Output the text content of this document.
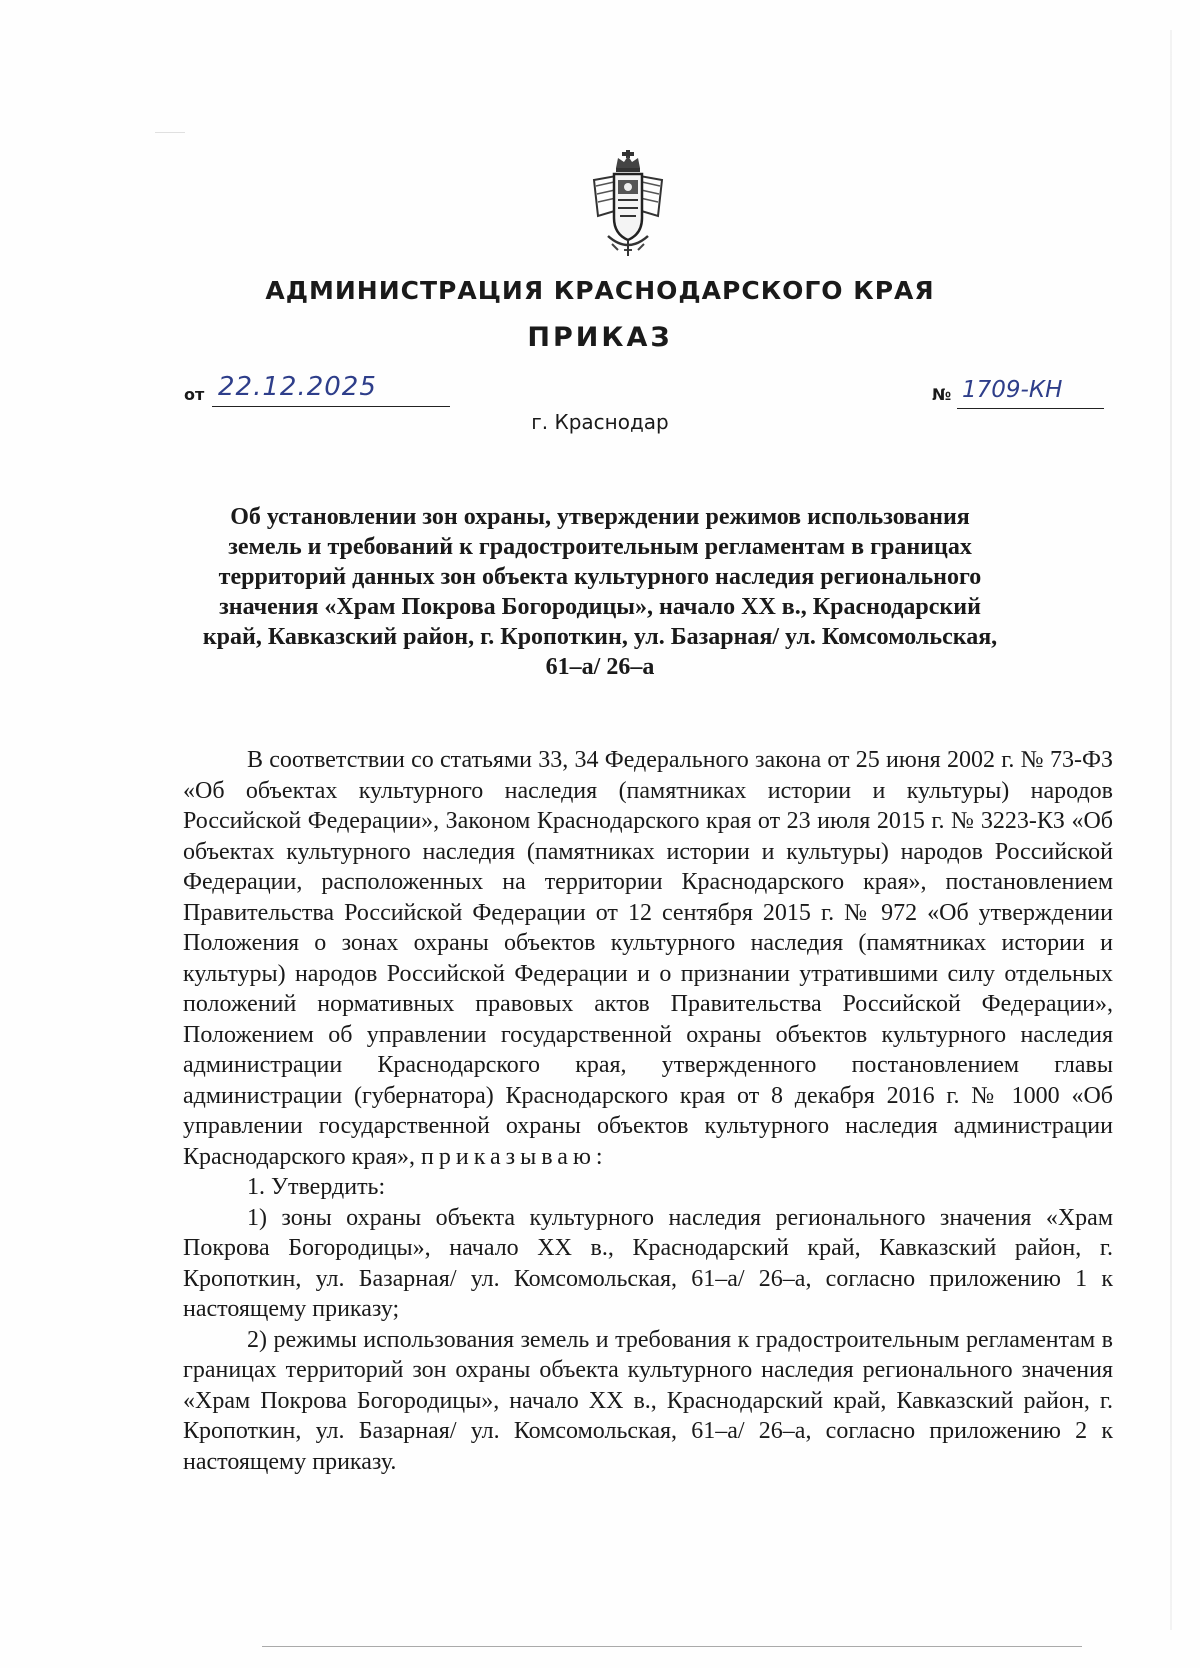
АДМИНИСТРАЦИЯ КРАСНОДАРСКОГО КРАЯ
ПРИКАЗ
от 22.12.2025	№ 1709-КН
г. Краснодар
Об установлении зон охраны, утверждении режимов использования земель и требований к градостроительным регламентам в границах территорий данных зон объекта культурного наследия регионального значения «Храм Покрова Богородицы», начало XX в., Краснодарский край, Кавказский район, г. Кропоткин, ул. Базарная/ ул. Комсомольская, 61–а/ 26–а

В соответствии со статьями 33, 34 Федерального закона от 25 июня 2002 г. № 73-ФЗ «Об объектах культурного наследия (памятниках истории и культуры) народов Российской Федерации», Законом Краснодарского края от 23 июля 2015 г. № 3223-КЗ «Об объектах культурного наследия (памятниках истории и культуры) народов Российской Федерации, расположенных на территории Краснодарского края», постановлением Правительства Российской Федерации от 12 сентября 2015 г. № 972 «Об утверждении Положения о зонах охраны объектов культурного наследия (памятниках истории и культуры) народов Российской Федерации и о признании утратившими силу отдельных положений нормативных правовых актов Правительства Российской Федерации», Положением об управлении государственной охраны объектов культурного наследия администрации Краснодарского края, утвержденного постановлением главы администрации (губернатора) Краснодарского края от 8 декабря 2016 г. № 1000 «Об управлении государственной охраны объектов культурного наследия администрации Краснодарского края», приказываю:

1. Утвердить:

1) зоны охраны объекта культурного наследия регионального значения «Храм Покрова Богородицы», начало XX в., Краснодарский край, Кавказский район, г. Кропоткин, ул. Базарная/ ул. Комсомольская, 61–а/ 26–а, согласно приложению 1 к настоящему приказу;

2) режимы использования земель и требования к градостроительным регламентам в границах территорий зон охраны объекта культурного наследия регионального значения «Храм Покрова Богородицы», начало XX в., Краснодарский край, Кавказский район, г. Кропоткин, ул. Базарная/ ул. Комсомольская, 61–а/ 26–а, согласно приложению 2 к настоящему приказу.
